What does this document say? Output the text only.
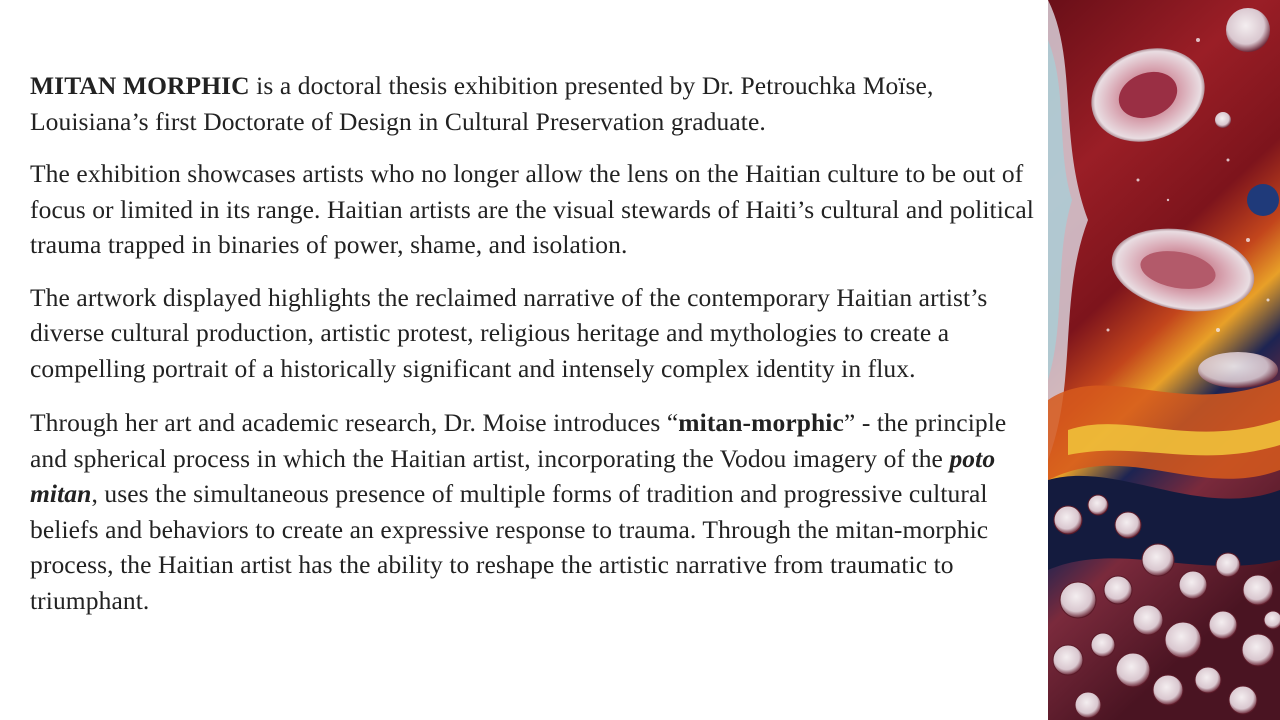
MITAN MORPHIC is a doctoral thesis exhibition presented by Dr. Petrouchka Moïse, Louisiana’s first Doctorate of Design in Cultural Preservation graduate.

The exhibition showcases artists who no longer allow the lens on the Haitian culture to be out of focus or limited in its range. Haitian artists are the visual stewards of Haiti’s cultural and political trauma trapped in binaries of power, shame, and isolation.

The artwork displayed highlights the reclaimed narrative of the contemporary Haitian artist’s diverse cultural production, artistic protest, religious heritage and mythologies to create a compelling portrait of a historically significant and intensely complex identity in flux.

Through her art and academic research, Dr. Moise introduces “mitan-morphic” - the principle and spherical process in which the Haitian artist, incorporating the Vodou imagery of the poto mitan, uses the simultaneous presence of multiple forms of tradition and progressive cultural beliefs and behaviors to create an expressive response to trauma. Through the mitan-morphic process, the Haitian artist has the ability to reshape the artistic narrative from traumatic to triumphant.
